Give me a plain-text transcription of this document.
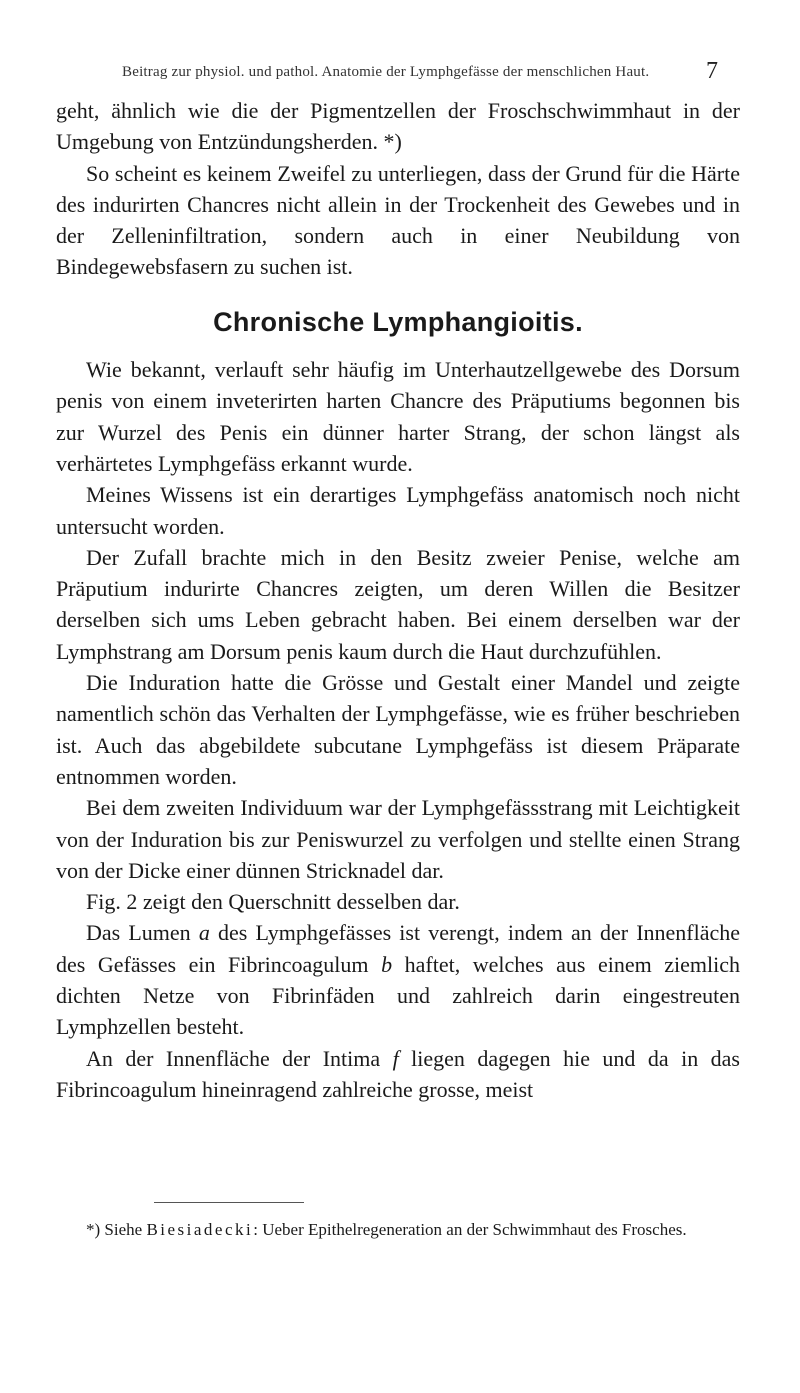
Beitrag zur physiol. und pathol. Anatomie der Lymphgefässe der menschlichen Haut.	7

geht, ähnlich wie die der Pigmentzellen der Froschschwimmhaut in der Umgebung von Entzündungsherden. *)

So scheint es keinem Zweifel zu unterliegen, dass der Grund für die Härte des indurirten Chancres nicht allein in der Trockenheit des Gewebes und in der Zelleninfiltration, sondern auch in einer Neubildung von Bindegewebsfasern zu suchen ist.

Chronische Lymphangioitis.

Wie bekannt, verlauft sehr häufig im Unterhautzellgewebe des Dorsum penis von einem inveterirten harten Chancre des Präputiums begonnen bis zur Wurzel des Penis ein dünner harter Strang, der schon längst als verhärtetes Lymphgefäss erkannt wurde.

Meines Wissens ist ein derartiges Lymphgefäss anatomisch noch nicht untersucht worden.

Der Zufall brachte mich in den Besitz zweier Penise, welche am Präputium indurirte Chancres zeigten, um deren Willen die Besitzer derselben sich ums Leben gebracht haben. Bei einem derselben war der Lymphstrang am Dorsum penis kaum durch die Haut durchzufühlen.

Die Induration hatte die Grösse und Gestalt einer Mandel und zeigte namentlich schön das Verhalten der Lymphgefässe, wie es früher beschrieben ist. Auch das abgebildete subcutane Lymphgefäss ist diesem Präparate entnommen worden.

Bei dem zweiten Individuum war der Lymphgefässstrang mit Leichtigkeit von der Induration bis zur Peniswurzel zu verfolgen und stellte einen Strang von der Dicke einer dünnen Stricknadel dar.

Fig. 2 zeigt den Querschnitt desselben dar.

Das Lumen a des Lymphgefässes ist verengt, indem an der Innenfläche des Gefässes ein Fibrincoagulum b haftet, welches aus einem ziemlich dichten Netze von Fibrinfäden und zahlreich darin eingestreuten Lymphzellen besteht.

An der Innenfläche der Intima f liegen dagegen hie und da in das Fibrincoagulum hineinragend zahlreiche grosse, meist

*) Siehe Biesiadecki: Ueber Epithelregeneration an der Schwimmhaut des Frosches.
